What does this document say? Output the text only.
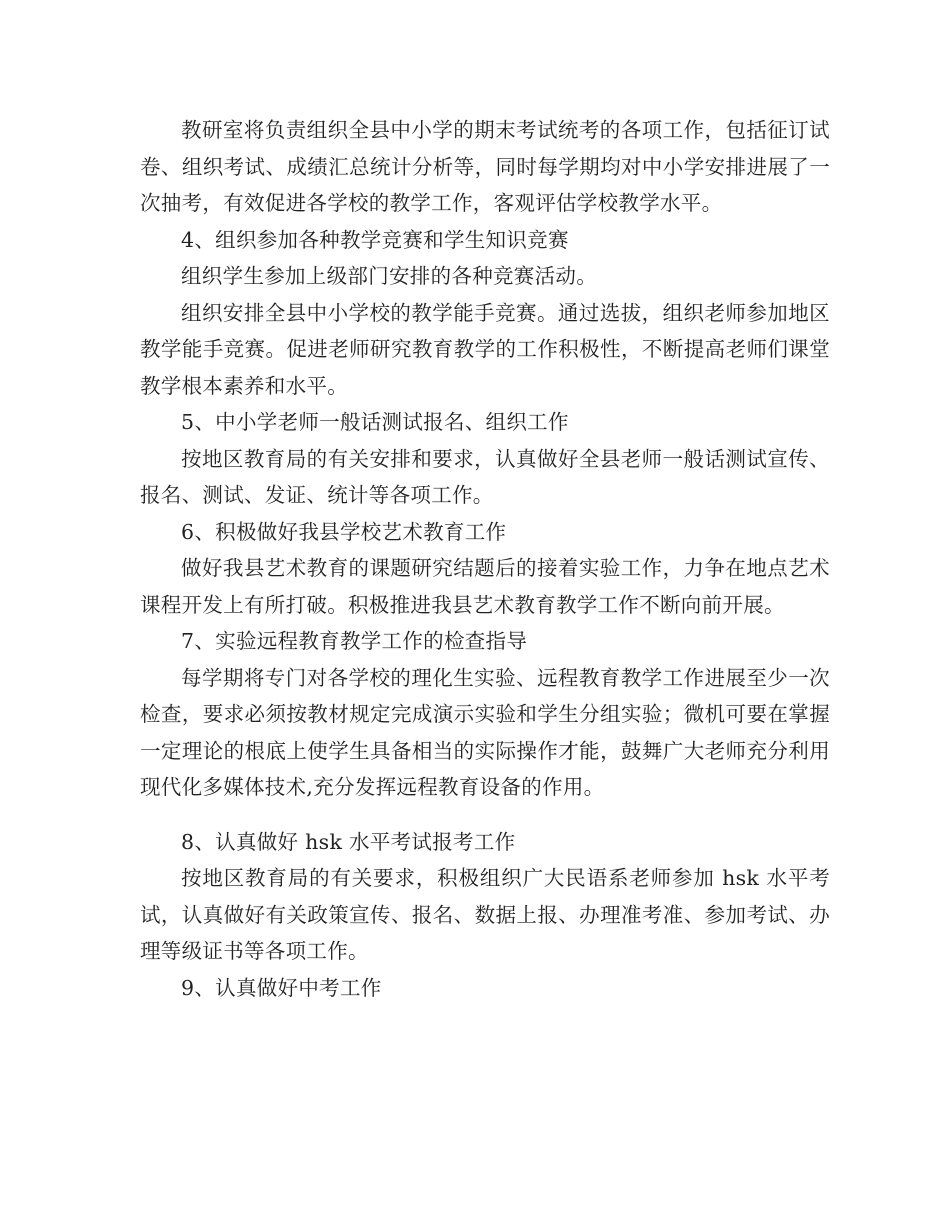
教研室将负责组织全县中小学的期末考试统考的各项工作，包括征订试卷、组织考试、成绩汇总统计分析等，同时每学期均对中小学安排进展了一次抽考，有效促进各学校的教学工作，客观评估学校教学水平。

4、组织参加各种教学竞赛和学生知识竞赛

组织学生参加上级部门安排的各种竞赛活动。

组织安排全县中小学校的教学能手竞赛。通过选拔，组织老师参加地区教学能手竞赛。促进老师研究教育教学的工作积极性，不断提高老师们课堂教学根本素养和水平。

5、中小学老师一般话测试报名、组织工作

按地区教育局的有关安排和要求，认真做好全县老师一般话测试宣传、报名、测试、发证、统计等各项工作。

6、积极做好我县学校艺术教育工作

做好我县艺术教育的课题研究结题后的接着实验工作，力争在地点艺术课程开发上有所打破。积极推进我县艺术教育教学工作不断向前开展。

7、实验远程教育教学工作的检查指导

每学期将专门对各学校的理化生实验、远程教育教学工作进展至少一次检查，要求必须按教材规定完成演示实验和学生分组实验；微机可要在掌握一定理论的根底上使学生具备相当的实际操作才能，鼓舞广大老师充分利用现代化多媒体技术,充分发挥远程教育设备的作用。

8、认真做好 hsk 水平考试报考工作

按地区教育局的有关要求，积极组织广大民语系老师参加 hsk 水平考试，认真做好有关政策宣传、报名、数据上报、办理准考准、参加考试、办理等级证书等各项工作。

9、认真做好中考工作
